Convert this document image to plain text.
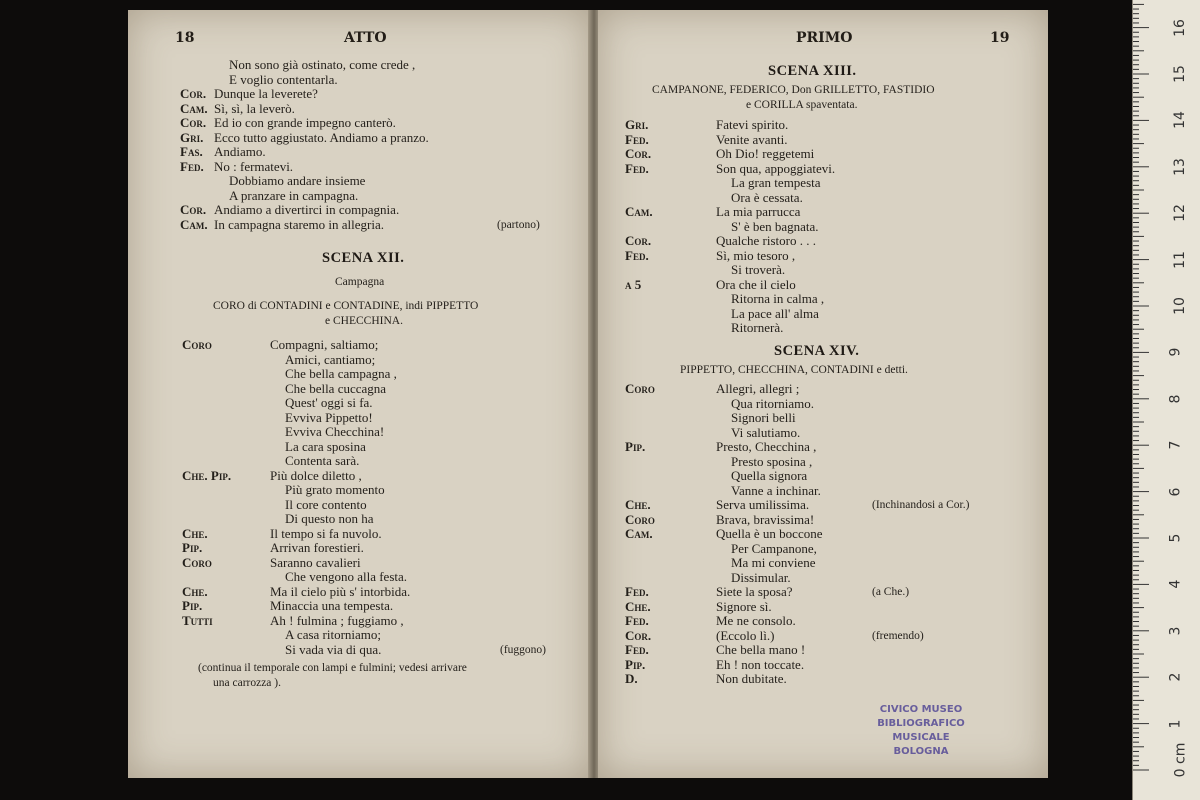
18	ATTO	PRIMO	19
Non sono già ostinato, come crede ,
E voglio contentarla.
Cor. Dunque la leverete?
Cam. Sì, sì, la leverò.
Cor. Ed io con grande impegno canterò.
Gri. Ecco tutto aggiustato. Andiamo a pranzo.
Fas. Andiamo.
Fed. No : fermatevi.
Dobbiamo andare insieme
A pranzare in campagna.
Cor. Andiamo a divertirci in compagnia.
Cam. In campagna staremo in allegria.	(partono)
Coro	Compagni, saltiamo;
Amici, cantiamo;
Che bella campagna ,
Che bella cuccagna
Quest' oggi si fa.
Evviva Pippetto!
Evviva Checchina!
La cara sposina
Contenta sarà.
Che. Pip.	Più dolce diletto ,
Più grato momento
Il core contento
Di questo non ha
Che.	Il tempo si fa nuvolo.
Pip.	Arrivan forestieri.
Coro	Saranno cavalieri
Che vengono alla festa.
Che.	Ma il cielo più s' intorbida.
Pip.	Minaccia una tempesta.
Tutti	Ah ! fulmina ; fuggiamo ,
A casa ritorniamo;
Si vada via di qua.	(fuggono)
Gri.	Fatevi spirito.
Fed.	Venite avanti.
Cor.	Oh Dio! reggetemi
Fed.	Son qua, appoggiatevi.
La gran tempesta
Ora è cessata.
Cam.	La mia parrucca
S' è ben bagnata.
Cor.	Qualche ristoro . . .
Fed.	Sì, mio tesoro ,
Si troverà.
a 5	Ora che il cielo
Ritorna in calma ,
La pace all' alma
Ritornerà.
Coro	Allegri, allegri ;
Qua ritorniamo.
Signori belli
Vi salutiamo.
Pip.	Presto, Checchina ,
Presto sposina ,
Quella signora
Vanne a inchinar.
Che.	Serva umilissima.	(Inchinandosi a Cor.)
Coro	Brava, bravissima!
Cam.	Quella è un boccone
Per Campanone,
Ma mi conviene
Dissimular.
Fed.	Siete la sposa?	(a Che.)
Che.	Signore sì.
Fed.	Me ne consolo.
Cor.	(Eccolo lì.)	(fremendo)
Fed.	Che bella mano !
Pip.	Eh ! non toccate.
D.	Non dubitate.
SCENA XII.
Campagna
CORO di CONTADINI e CONTADINE, indi PIPPETTO
e CHECCHINA.
(continua il temporale con lampi e fulmini; vedesi arrivare
una carrozza ).
SCENA XIII.
CAMPANONE, FEDERICO, Don GRILLETTO, FASTIDIO
e CORILLA spaventata.
SCENA XIV.
PIPPETTO, CHECCHINA, CONTADINI e detti.
CIVICO MUSEO
BIBLIOGRAFICO MUSICALE
BOLOGNA	0 cm
1
2
3
4
5
6
7
8
9
10
11
12
13
14
15
16
